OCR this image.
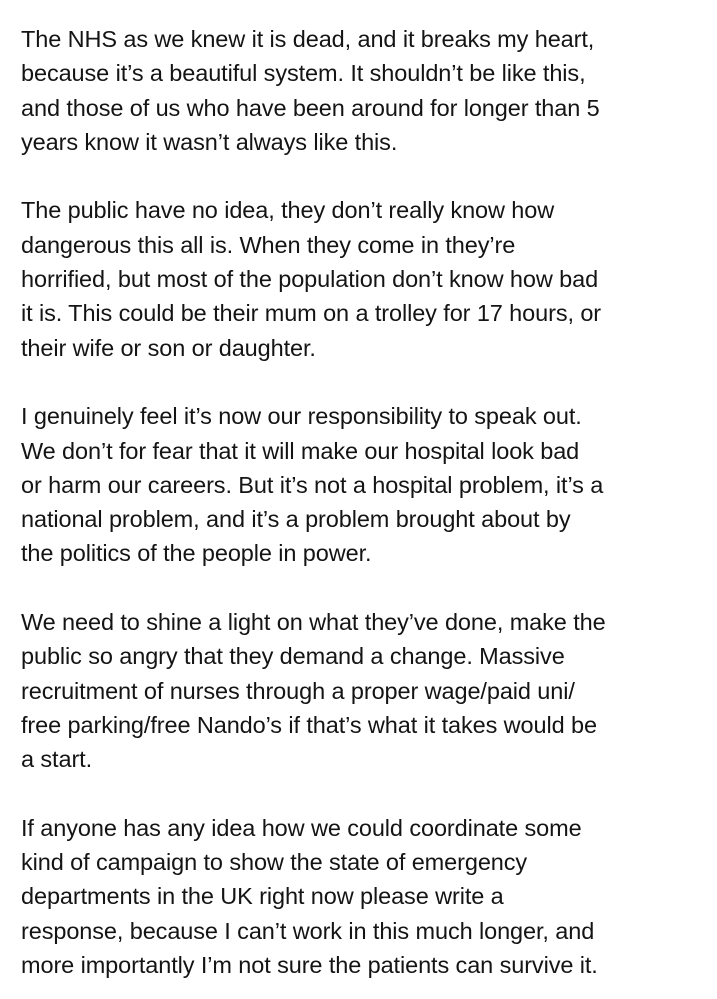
The NHS as we knew it is dead, and it breaks my heart,
because it’s a beautiful system. It shouldn’t be like this,
and those of us who have been around for longer than 5
years know it wasn’t always like this.

The public have no idea, they don’t really know how
dangerous this all is. When they come in they’re
horrified, but most of the population don’t know how bad
it is. This could be their mum on a trolley for 17 hours, or
their wife or son or daughter.

I genuinely feel it’s now our responsibility to speak out.
We don’t for fear that it will make our hospital look bad
or harm our careers. But it’s not a hospital problem, it’s a
national problem, and it’s a problem brought about by
the politics of the people in power.

We need to shine a light on what they’ve done, make the
public so angry that they demand a change. Massive
recruitment of nurses through a proper wage/paid uni/
free parking/free Nando’s if that’s what it takes would be
a start.

If anyone has any idea how we could coordinate some
kind of campaign to show the state of emergency
departments in the UK right now please write a
response, because I can’t work in this much longer, and
more importantly I’m not sure the patients can survive it.
